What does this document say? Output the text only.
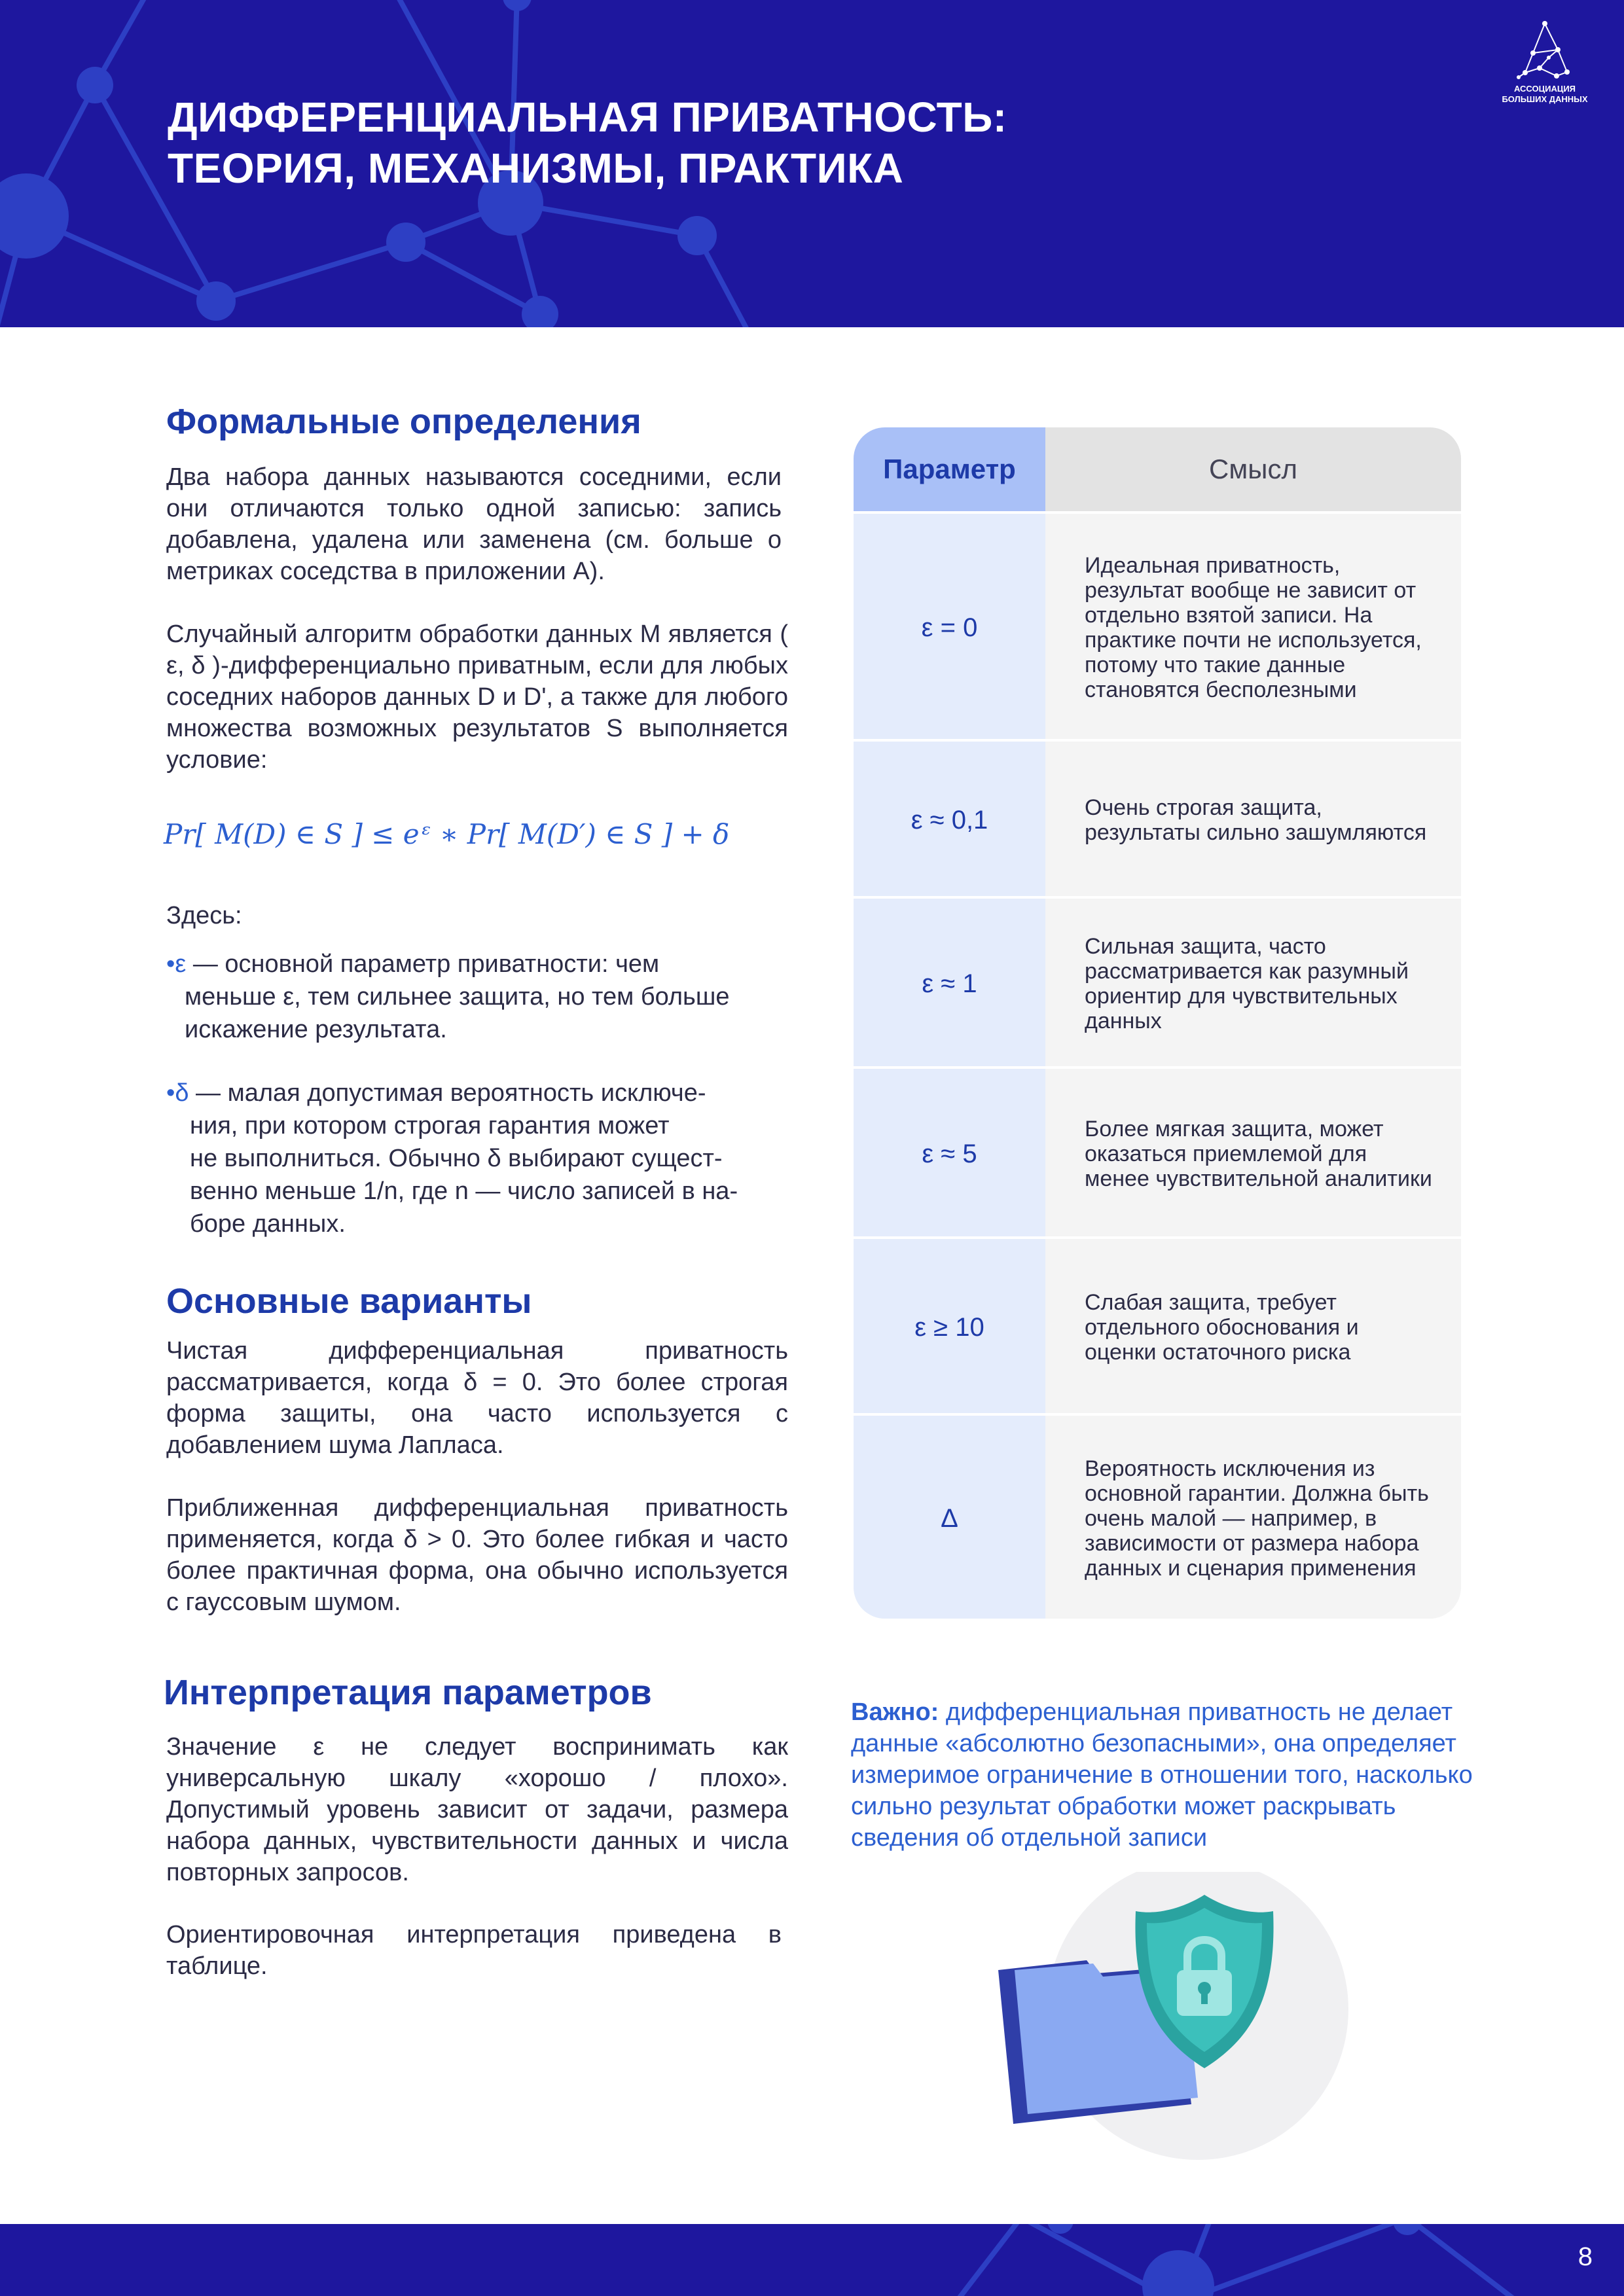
ДИФФЕРЕНЦИАЛЬНАЯ ПРИВАТНОСТЬ:
ТЕОРИЯ, МЕХАНИЗМЫ, ПРАКТИКА
АССОЦИАЦИЯ
БОЛЬШИХ ДАННЫХ
Формальные определения

Два набора данных называются соседними, если они отличаются только одной записью: запись добавлена, удалена или заменена (см. больше о метриках соседства в приложении А).

Случайный алгоритм обработки данных M является ( ε, δ )-дифференциально приватным, если для любых соседних наборов данных D и D', а также для любого множества возможных результатов S выполняется условие:

Pr[ M(D) ∈ S ] ≤ eᵋ ∗ Pr[ M(D′) ∈ S ] + δ

Здесь:

•ε — основной параметр приватности: чем
меньше ε, тем сильнее защита, но тем больше
искажение результата.
•δ — малая допустимая вероятность исключе-
ния, при котором строгая гарантия может
не выполниться. Обычно δ выбирают сущест-
венно меньше 1/n, где n — число записей в на-
боре данных.
Основные варианты

Чистая дифференциальная приватность рассматривается, когда δ = 0. Это более строгая форма защиты, она часто используется с добавлением шума Лапласа.

Приближенная дифференциальная приватность применяется, когда δ > 0. Это более гибкая и часто более практичная форма, она обычно используется с гауссовым шумом.

Интерпретация параметров

Значение ε не следует воспринимать как универсальную шкалу «хорошо / плохо». Допустимый уровень зависит от задачи, размера набора данных, чувствительности данных и числа повторных запросов.

Ориентировочная интерпретация приведена в таблице.

Параметр	Смысл
ε = 0
Идеальная приватность, результат вообще не зависит от отдельно взятой записи. На практике почти не используется, потому что такие данные становятся бесполезными
ε ≈ 0,1	Очень строгая защита, результаты сильно зашумляются
ε ≈ 1
Сильная защита, часто рассматривается как разумный ориентир для чувствительных данных
ε ≈ 5
Более мягкая защита, может оказаться приемлемой для менее чувствительной аналитики
ε ≥ 10
Слабая защита, требует отдельного обоснования и оценки остаточного риска
Δ
Вероятность исключения из основной гарантии. Должна быть очень малой — например, в зависимости от размера набора данных и сценария применения

Важно: дифференциальная приватность не делает данные «абсолютно безопасными», она определяет измеримое ограничение в отношении того, насколько сильно результат обработки может раскрывать сведения об отдельной записи

8
